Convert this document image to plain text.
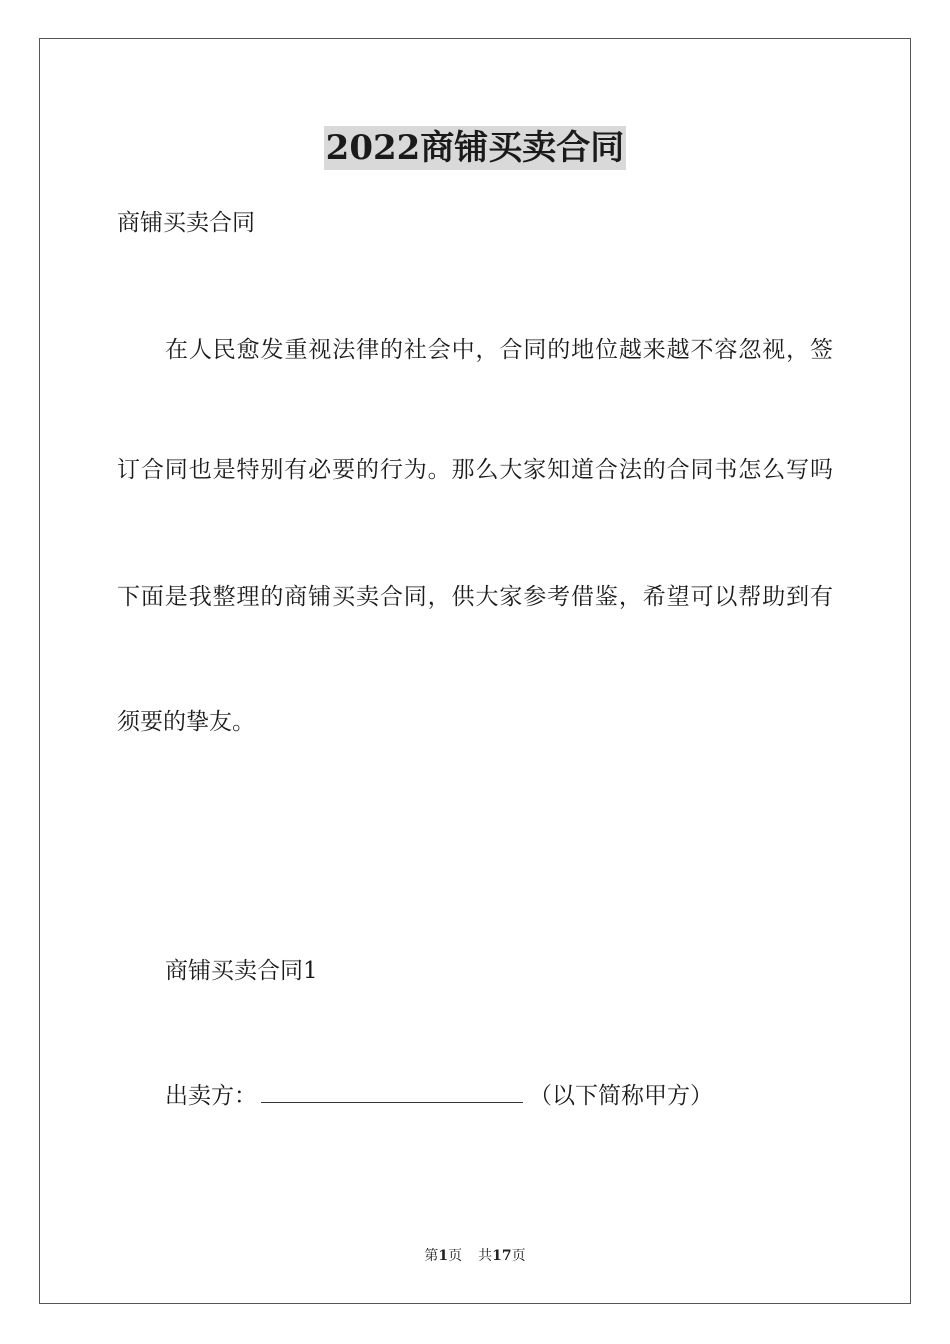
2022商铺买卖合同
商铺买卖合同
在人民愈发重视法律的社会中，合同的地位越来越不容忽视，签
订合同也是特别有必要的行为。那么大家知道合法的合同书怎么写吗
下面是我整理的商铺买卖合同，供大家参考借鉴，希望可以帮助到有
须要的挚友。
商铺买卖合同1
出卖方：	（以下简称甲方）
第1页 共17页
